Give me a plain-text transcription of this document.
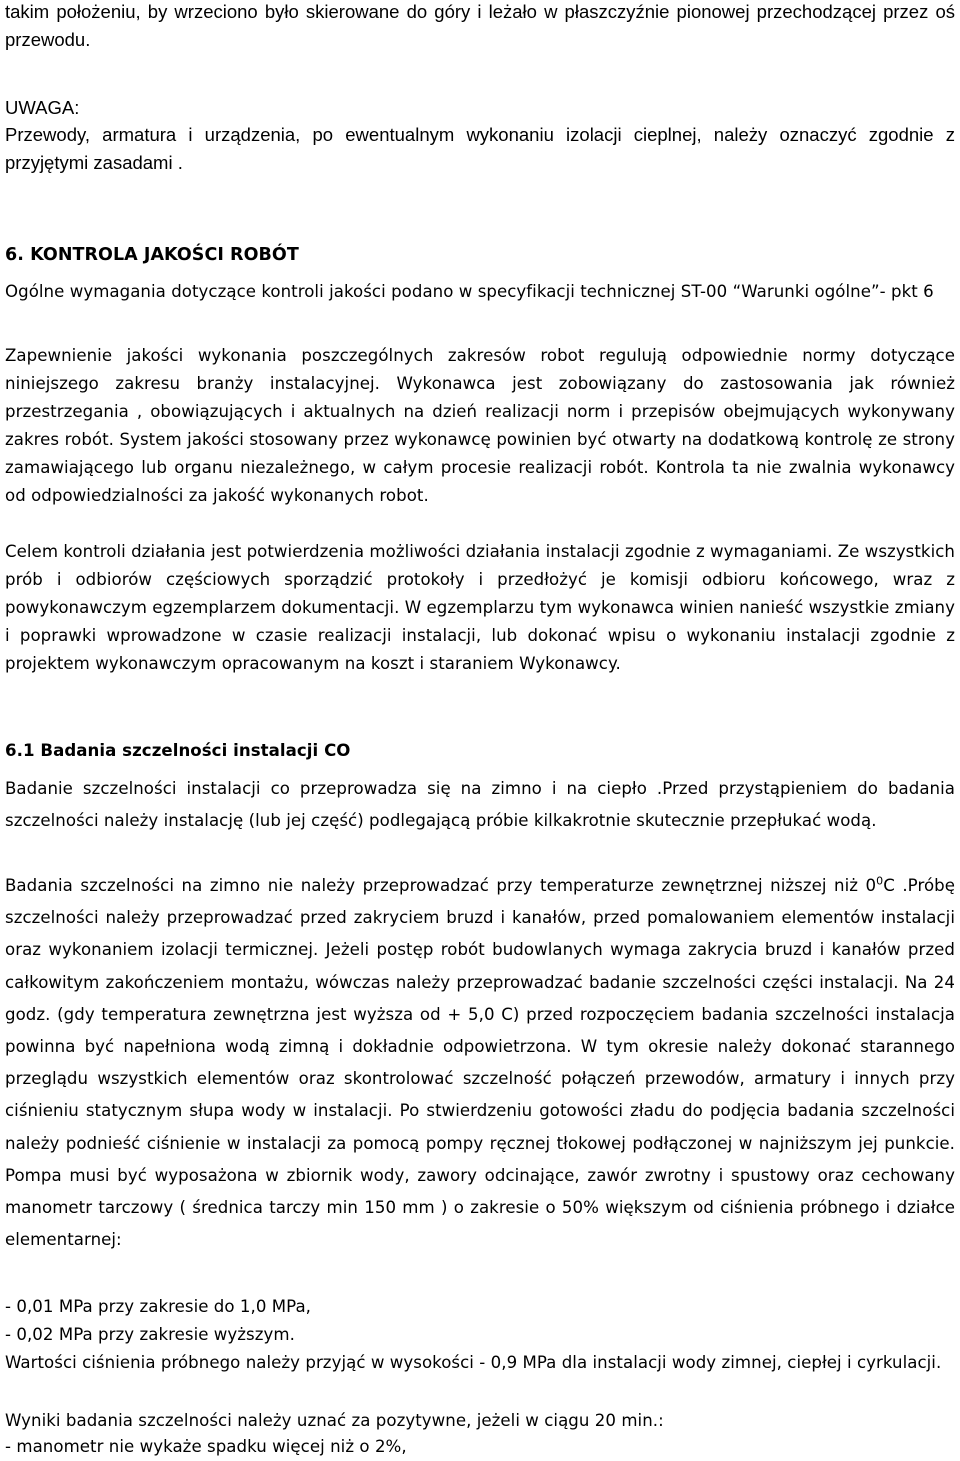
takim położeniu, by wrzeciono było skierowane do góry i leżało w płaszczyźnie pionowej przechodzącej przez oś przewodu.

UWAGA:

Przewody, armatura i urządzenia, po ewentualnym wykonaniu izolacji cieplnej, należy oznaczyć zgodnie z przyjętymi zasadami .

6. KONTROLA JAKOŚCI ROBÓT

Ogólne wymagania dotyczące kontroli jakości podano w specyfikacji technicznej ST-00 “Warunki ogólne”- pkt 6

Zapewnienie jakości wykonania poszczególnych zakresów robot regulują odpowiednie normy dotyczące niniejszego zakresu branży instalacyjnej. Wykonawca jest zobowiązany do zastosowania jak również przestrzegania , obowiązujących i aktualnych na dzień realizacji norm i przepisów obejmujących wykonywany zakres robót. System jakości stosowany przez wykonawcę powinien być otwarty na dodatkową kontrolę ze strony zamawiającego lub organu niezależnego, w całym procesie realizacji robót. Kontrola ta nie zwalnia wykonawcy od odpowiedzialności za jakość wykonanych robot.

Celem kontroli działania jest potwierdzenia możliwości działania instalacji zgodnie z wymaganiami. Ze wszystkich prób i odbiorów częściowych sporządzić protokoły i przedłożyć je komisji odbioru końcowego, wraz z powykonawczym egzemplarzem dokumentacji. W egzemplarzu tym wykonawca winien nanieść wszystkie zmiany i poprawki wprowadzone w czasie realizacji instalacji, lub dokonać wpisu o wykonaniu instalacji zgodnie z projektem wykonawczym opracowanym na koszt i staraniem Wykonawcy.

6.1 Badania szczelności instalacji CO

Badanie szczelności instalacji co przeprowadza się na zimno i na ciepło .Przed przystąpieniem do badania szczelności należy instalację (lub jej część) podlegającą próbie kilkakrotnie skutecznie przepłukać wodą.

Badania szczelności na zimno nie należy przeprowadzać przy temperaturze zewnętrznej niższej niż $0^0C$ .Próbę szczelności należy przeprowadzać przed zakryciem bruzd i kanałów, przed pomalowaniem elementów instalacji oraz wykonaniem izolacji termicznej. Jeżeli postęp robót budowlanych wymaga zakrycia bruzd i kanałów przed całkowitym zakończeniem montażu, wówczas należy przeprowadzać badanie szczelności części instalacji. Na 24 godz. (gdy temperatura zewnętrzna jest wyższa od + 5,0 C) przed rozpoczęciem badania szczelności instalacja powinna być napełniona wodą zimną i dokładnie odpowietrzona. W tym okresie należy dokonać starannego przeglądu wszystkich elementów oraz skontrolować szczelność połączeń przewodów, armatury i innych przy ciśnieniu statycznym słupa wody w instalacji. Po stwierdzeniu gotowości zładu do podjęcia badania szczelności należy podnieść ciśnienie w instalacji za pomocą pompy ręcznej tłokowej podłączonej w najniższym jej punkcie. Pompa musi być wyposażona w zbiornik wody, zawory odcinające, zawór zwrotny i spustowy oraz cechowany manometr tarczowy ( średnica tarczy min 150 mm ) o zakresie o 50% większym od ciśnienia próbnego i działce elementarnej:

- 0,01 MPa przy zakresie do 1,0 MPa,

- 0,02 MPa przy zakresie wyższym.

Wartości ciśnienia próbnego należy przyjąć w wysokości - 0,9 MPa dla instalacji wody zimnej, ciepłej i cyrkulacji.

Wyniki badania szczelności należy uznać za pozytywne, jeżeli w ciągu 20 min.:

- manometr nie wykaże spadku więcej niż o 2%,
